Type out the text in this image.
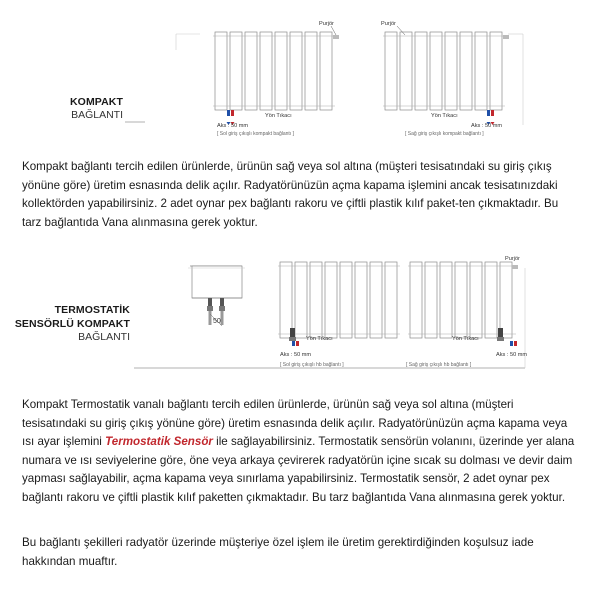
KOMPAKT
BAĞLANTI
Purjör
Aks : 50 mm
Yön Tıkacı
[ Sol giriş çıkışlı kompakt bağlantı ]
Purjör
Aks : 50 mm
Yön Tıkacı
[ Sağ giriş çıkışlı kompakt bağlantı ]

Kompakt bağlantı tercih edilen ürünlerde, ürünün sağ veya sol altına (müşteri tesisatındaki su giriş çıkış yönüne göre) üretim esnasında delik açılır. Radyatörünüzün açma kapama işlemini ancak tesisatınızdaki kollektörden yapabilirsiniz. 2 adet oynar pex bağlantı rakoru ve çiftli plastik kılıf paket-ten çıkmaktadır. Bu tarz bağlantıda Vana alınmasına gerek yoktur.

50
TERMOSTATİK
SENSÖRLÜ KOMPAKT
BAĞLANTI	Yön Tıkacı
Aks : 50 mm
[ Sol giriş çıkışlı hb bağlantı ]
Purjör
Yön Tıkacı
Aks : 50 mm
[ Sağ giriş çıkışlı hb bağlantı ]

Kompakt Termostatik vanalı bağlantı tercih edilen ürünlerde, ürünün sağ veya sol altına (müşteri tesisatındaki su giriş çıkış yönüne göre) üretim esnasında delik açılır. Radyatörünüzün açma kapama veya ısı ayar işlemini Termostatik Sensör ile sağlayabilirsiniz. Termostatik sensörün volanını, üzerinde yer alana numara ve ısı seviyelerine göre, öne veya arkaya çevirerek radyatörün içine sıcak su dolması ve devir daim yapması sağlayabilir, açma kapama veya sınırlama yapabilirsiniz. Termostatik sensör, 2 adet oynar pex bağlantı rakoru ve çiftli plastik kılıf paketten çıkmaktadır. Bu tarz bağlantıda Vana alınmasına gerek yoktur.

Bu bağlantı şekilleri radyatör üzerinde müşteriye özel işlem ile üretim gerektirdiğinden koşulsuz iade hakkından muaftır.
